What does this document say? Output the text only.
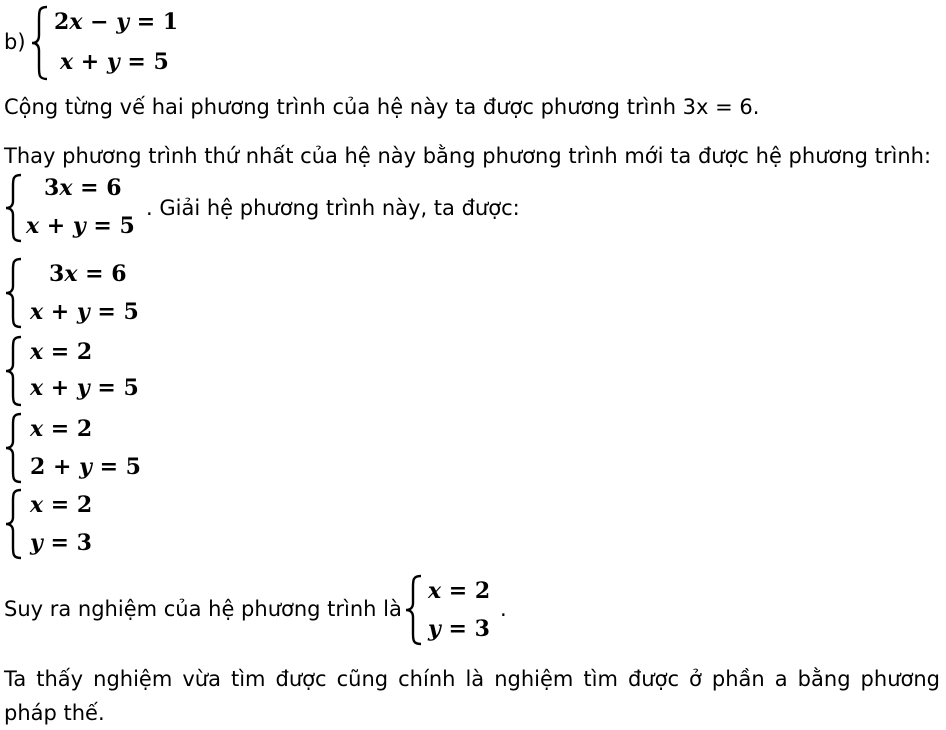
b)
2x − y = 1
x + y = 5
Cộng từng vế hai phương trình của hệ này ta được phương trình 3x = 6.
Thay phương trình thứ nhất của hệ này bằng phương trình mới ta được hệ phương trình:
3x = 6
x + y = 5
. Giải hệ phương trình này, ta được:
3x = 6
x + y = 5
x = 2
x + y = 5
x = 2
2 + y = 5
x = 2
y = 3
Suy ra nghiệm của hệ phương trình là
x = 2
y = 3
.
Ta thấy nghiệm vừa tìm được cũng chính là nghiệm tìm được ở phần a bằng phương pháp thế.
